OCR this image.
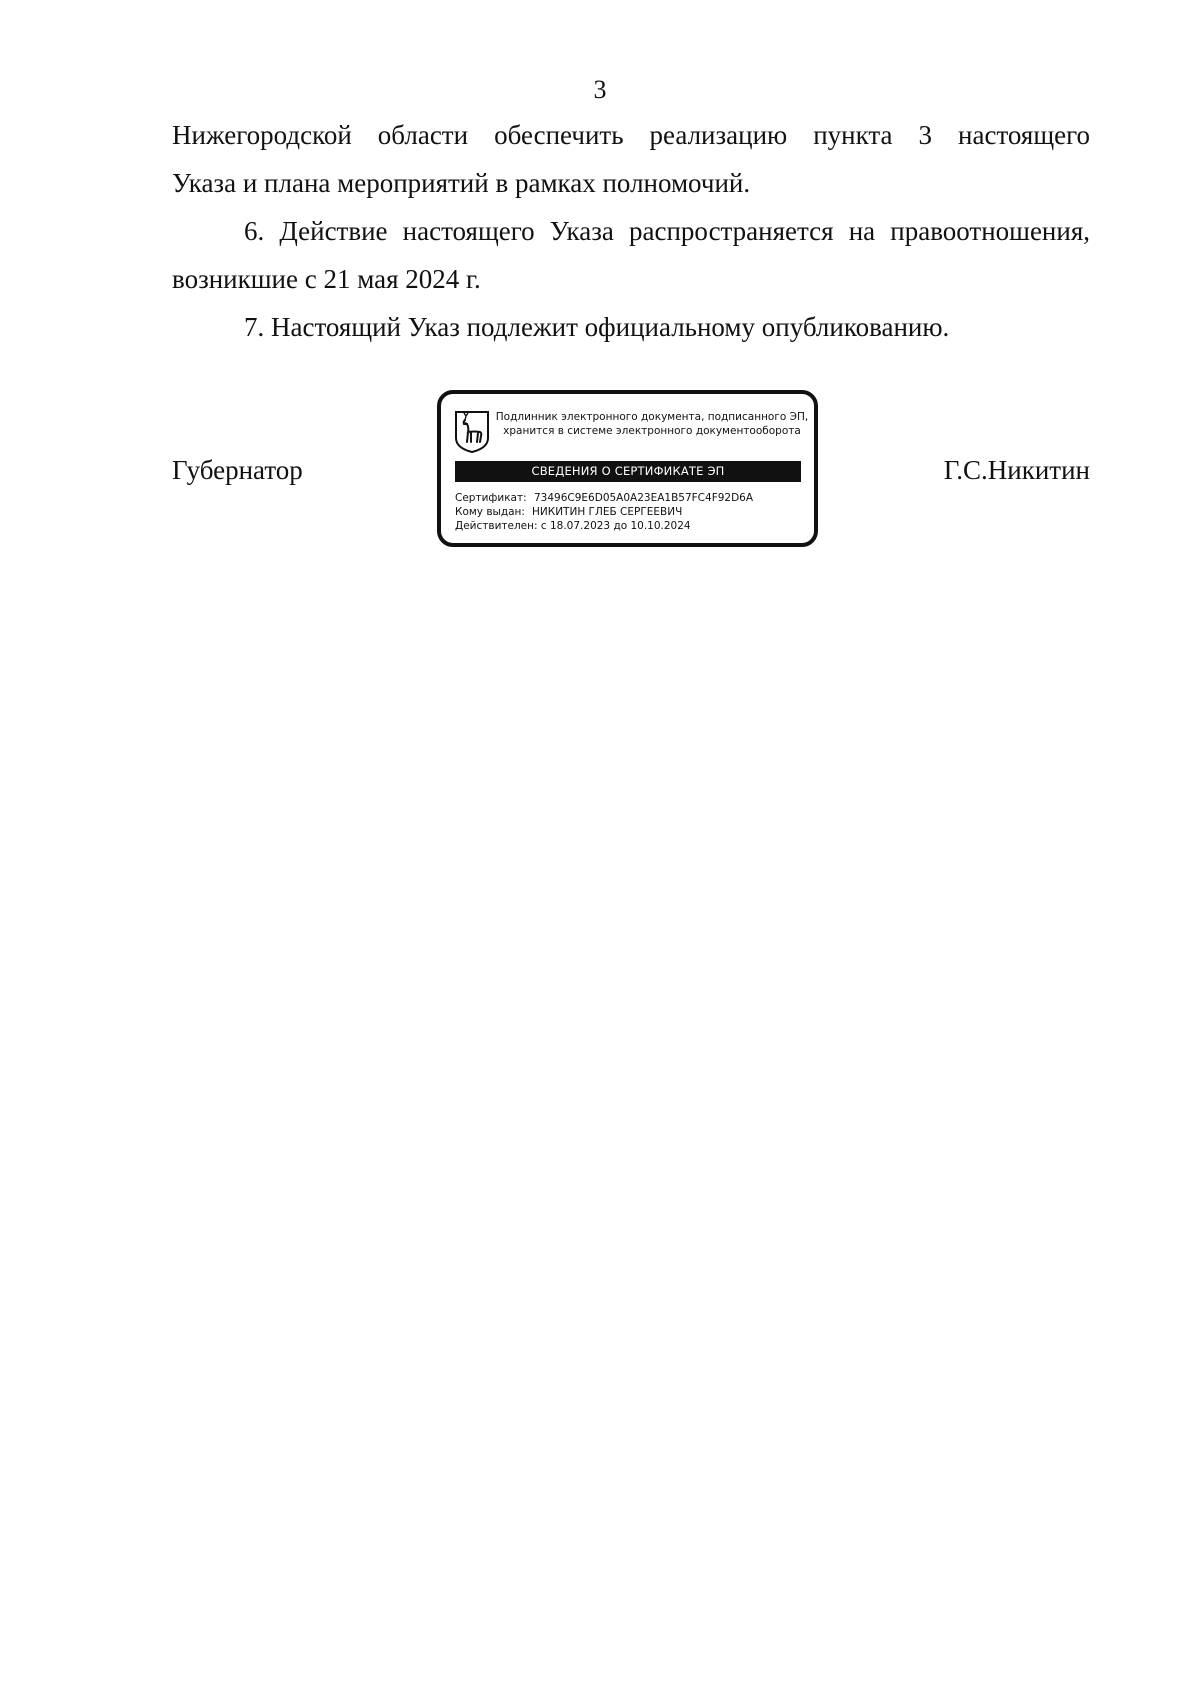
3

Нижегородской области обеспечить реализацию пункта 3 настоящего
Указа и плана мероприятий в рамках полномочий.

6. Действие настоящего Указа распространяется на правоотношения,
возникшие с 21 мая 2024 г.

7. Настоящий Указ подлежит официальному опубликованию.

Губернатор	Г.С.Никитин
Подлинник электронного документа, подписанного ЭП,
хранится в системе электронного документооборота
СВЕДЕНИЯ О СЕРТИФИКАТЕ ЭП
Сертификат: 73496C9E6D05A0A23EA1B57FC4F92D6A
Кому выдан: НИКИТИН ГЛЕБ СЕРГЕЕВИЧ
Действителен: с 18.07.2023 до 10.10.2024
